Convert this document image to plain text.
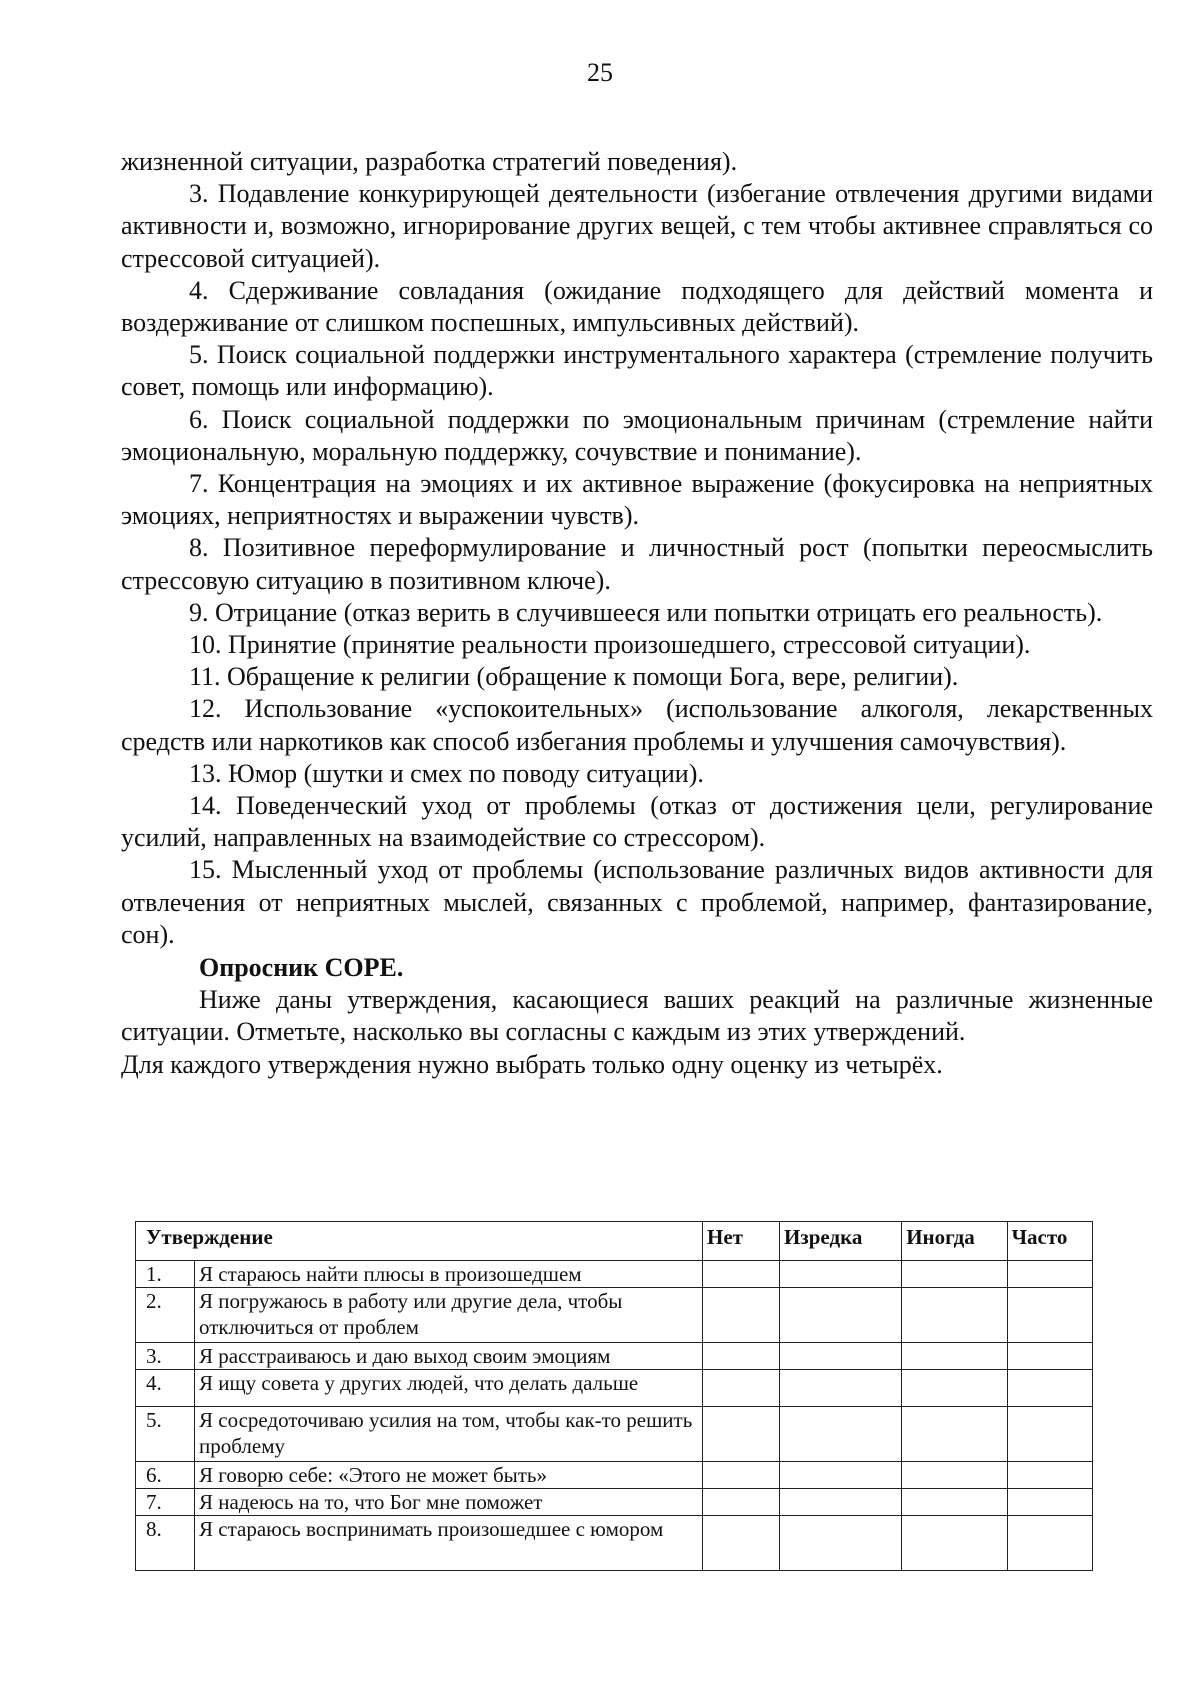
25

жизненной ситуации, разработка стратегий поведения).

3. Подавление конкурирующей деятельности (избегание отвлечения другими видами активности и, возможно, игнорирование других вещей, с тем чтобы активнее справляться со стрессовой ситуацией).

4. Сдерживание совладания (ожидание подходящего для действий момента и воздерживание от слишком поспешных, импульсивных действий).

5. Поиск социальной поддержки инструментального характера (стремление получить совет, помощь или информацию).

6. Поиск социальной поддержки по эмоциональным причинам (стремление найти эмоциональную, моральную поддержку, сочувствие и понимание).

7. Концентрация на эмоциях и их активное выражение (фокусировка на неприятных эмоциях, неприятностях и выражении чувств).

8. Позитивное переформулирование и личностный рост (попытки переосмыслить стрессовую ситуацию в позитивном ключе).

9. Отрицание (отказ верить в случившееся или попытки отрицать его реальность).

10. Принятие (принятие реальности произошедшего, стрессовой ситуации).

11. Обращение к религии (обращение к помощи Бога, вере, религии).

12. Использование «успокоительных» (использование алкоголя, лекарственных средств или наркотиков как способ избегания проблемы и улучшения самочувствия).

13. Юмор (шутки и смех по поводу ситуации).

14. Поведенческий уход от проблемы (отказ от достижения цели, регулирование усилий, направленных на взаимодействие со стрессором).

15. Мысленный уход от проблемы (использование различных видов активности для отвлечения от неприятных мыслей, связанных с проблемой, например, фантазирование, сон).

Опросник COPE.

Ниже даны утверждения, касающиеся ваших реакций на различные жизненные ситуации. Отметьте, насколько вы согласны с каждым из этих утверждений.

Для каждого утверждения нужно выбрать только одну оценку из четырёх.

Утверждение		Нет	Изредка	Иногда	Часто
1.	Я стараюсь найти плюсы в произошедшем				
2.	Я погружаюсь в работу или другие дела, чтобы отключиться от проблем				
3.	Я расстраиваюсь и даю выход своим эмоциям				
4.	Я ищу совета у других людей, что делать дальше				
5.	Я сосредоточиваю усилия на том, чтобы как-то решить проблему				
6.	Я говорю себе: «Этого не может быть»				
7.	Я надеюсь на то, что Бог мне поможет				
8.	Я стараюсь воспринимать произошедшее с юмором				
